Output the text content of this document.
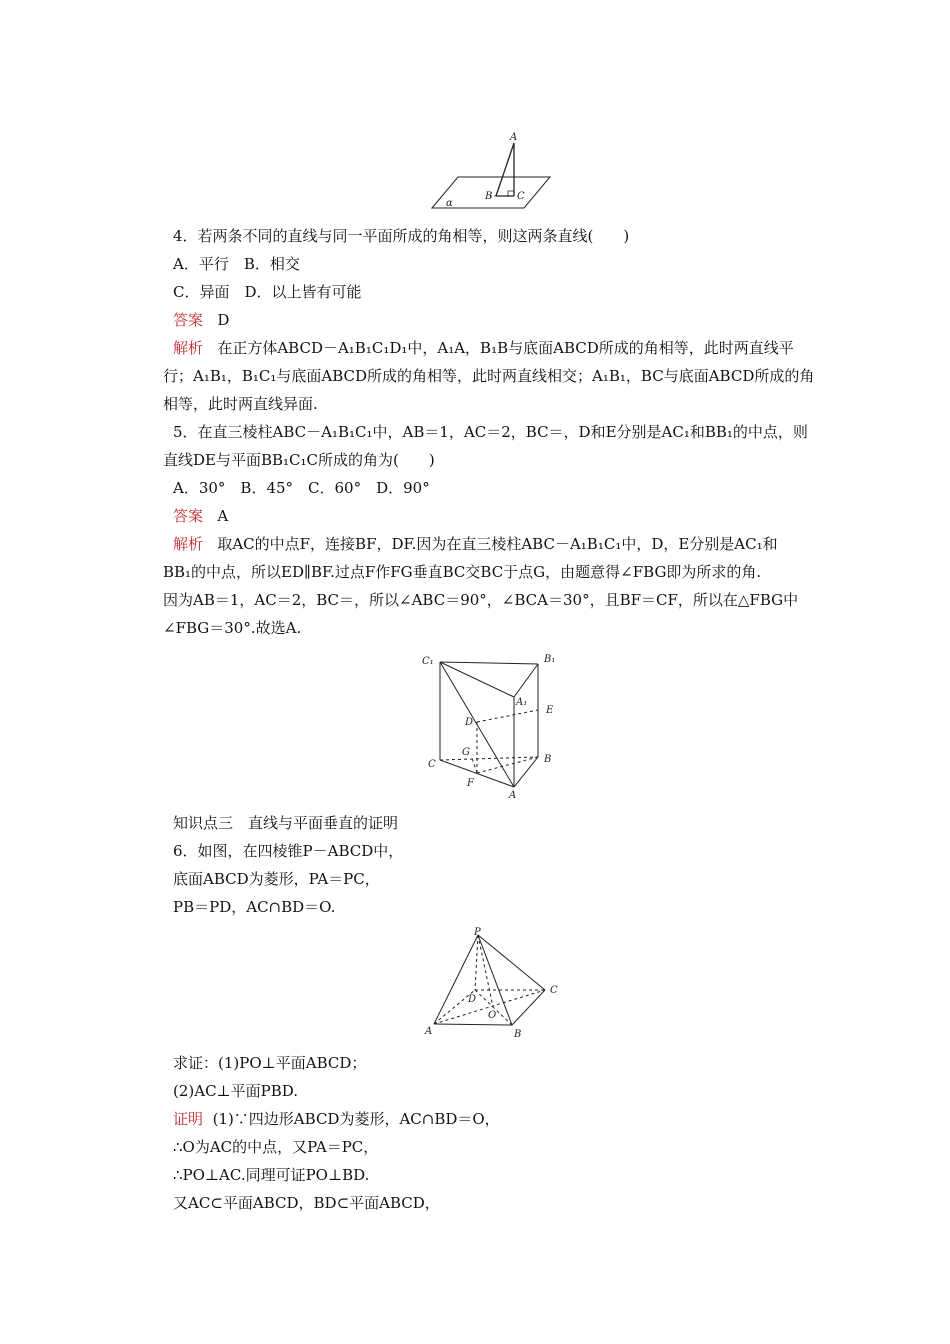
A
B C
α
4．若两条不同的直线与同一平面所成的角相等，则这两条直线(　　)
A．平行　B．相交
C．异面　D．以上皆有可能
答案 D
解析 在正方体ABCD－A₁B₁C₁D₁中，A₁A，B₁B与底面ABCD所成的角相等，此时两直线平
行；A₁B₁，B₁C₁与底面ABCD所成的角相等，此时两直线相交；A₁B₁，BC与底面ABCD所成的角
相等，此时两直线异面.
5．在直三棱柱ABC－A₁B₁C₁中，AB＝1，AC＝2，BC＝，D和E分别是AC₁和BB₁的中点，则
直线DE与平面BB₁C₁C所成的角为(　　)
A．30°　B．45°　C．60°　D．90°
答案 A
解析 取AC的中点F，连接BF，DF.因为在直三棱柱ABC－A₁B₁C₁中，D，E分别是AC₁和
BB₁的中点，所以ED∥BF.过点F作FG垂直BC交BC于点G，由题意得∠FBG即为所求的角.
因为AB＝1，AC＝2，BC＝，所以∠ABC＝90°，∠BCA＝30°，且BF＝CF，所以在△FBG中
∠FBG＝30°.故选A.
C₁	B₁
A₁
D
E
G
C	B
F
A
知识点三　直线与平面垂直的证明
6．如图，在四棱锥P－ABCD中，
底面ABCD为菱形，PA＝PC，
PB＝PD，AC∩BD＝O.
P
D
C
O
A	B
求证：(1)PO⊥平面ABCD；
(2)AC⊥平面PBD.
证明 (1)∵四边形ABCD为菱形，AC∩BD＝O，
∴O为AC的中点，又PA＝PC，
∴PO⊥AC.同理可证PO⊥BD.
又AC⊂平面ABCD，BD⊂平面ABCD，
